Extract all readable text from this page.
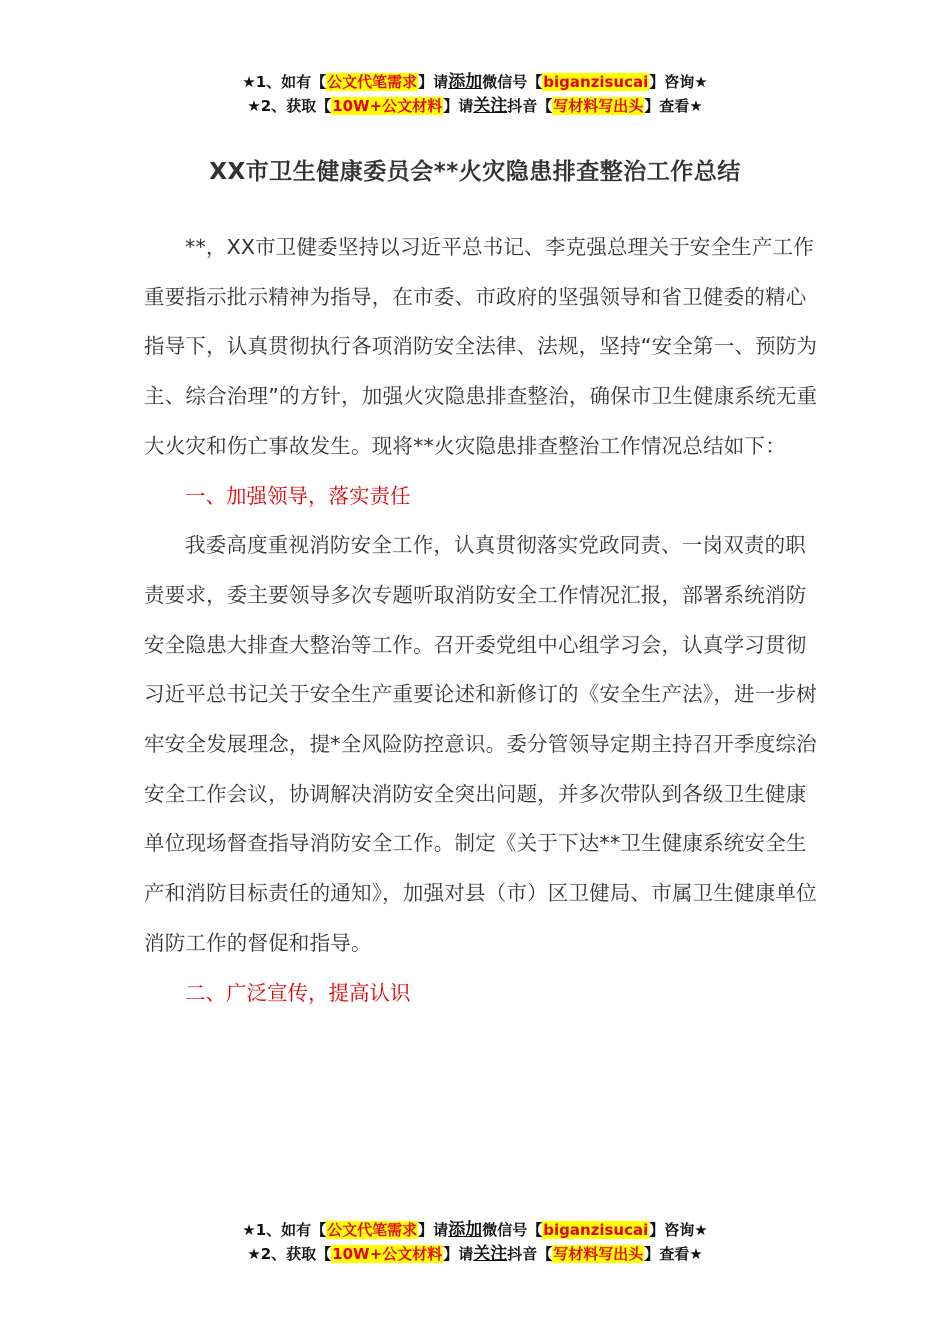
★1、如有【公文代笔需求】请添加微信号【biganzisucai】咨询★
★2、获取【10W+公文材料】请关注抖音【写材料写出头】查看★
XX市卫生健康委员会**火灾隐患排查整治工作总结

**，XX市卫健委坚持以习近平总书记、李克强总理关于安全生产工作重要指示批示精神为指导，在市委、市政府的坚强领导和省卫健委的精心指导下，认真贯彻执行各项消防安全法律、法规，坚持“安全第一、预防为主、综合治理”的方针，加强火灾隐患排查整治，确保市卫生健康系统无重大火灾和伤亡事故发生。现将**火灾隐患排查整治工作情况总结如下：

一、加强领导，落实责任

我委高度重视消防安全工作，认真贯彻落实党政同责、一岗双责的职责要求，委主要领导多次专题听取消防安全工作情况汇报，部署系统消防安全隐患大排查大整治等工作。召开委党组中心组学习会，认真学习贯彻习近平总书记关于安全生产重要论述和新修订的《安全生产法》，进一步树牢安全发展理念，提*全风险防控意识。委分管领导定期主持召开季度综治安全工作会议，协调解决消防安全突出问题，并多次带队到各级卫生健康单位现场督查指导消防安全工作。制定《关于下达**卫生健康系统安全生产和消防目标责任的通知》，加强对县（市）区卫健局、市属卫生健康单位消防工作的督促和指导。

二、广泛宣传，提高认识

★1、如有【公文代笔需求】请添加微信号【biganzisucai】咨询★
★2、获取【10W+公文材料】请关注抖音【写材料写出头】查看★
